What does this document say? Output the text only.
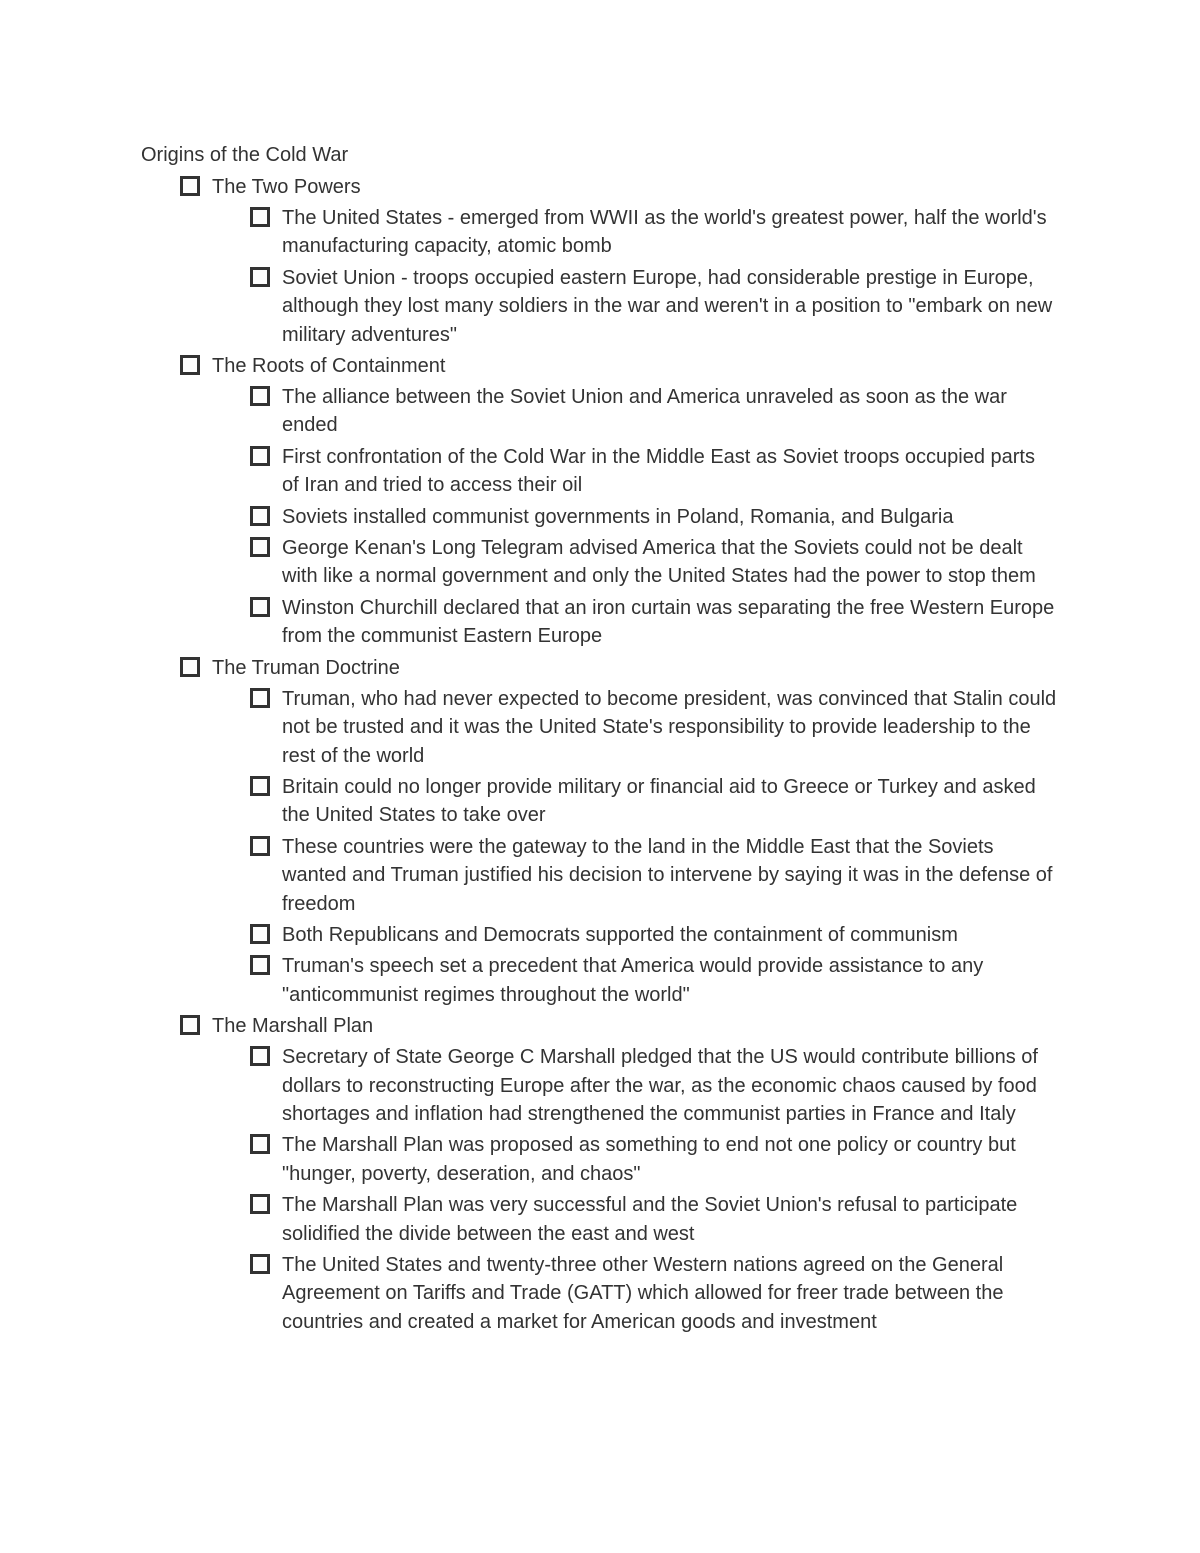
Origins of the Cold War
The Two Powers
The United States - emerged from WWII as the world's greatest power, half the world's manufacturing capacity, atomic bomb
Soviet Union - troops occupied eastern Europe, had considerable prestige in Europe, although they lost many soldiers in the war and weren't in a position to "embark on new military adventures"
The Roots of Containment
The alliance between the Soviet Union and America unraveled as soon as the war ended
First confrontation of the Cold War in the Middle East as Soviet troops occupied parts of Iran and tried to access their oil
Soviets installed communist governments in Poland, Romania, and Bulgaria
George Kenan's Long Telegram advised America that the Soviets could not be dealt with like a normal government and only the United States had the power to stop them
Winston Churchill declared that an iron curtain was separating the free Western Europe from the communist Eastern Europe
The Truman Doctrine
Truman, who had never expected to become president, was convinced that Stalin could not be trusted and it was the United State's responsibility to provide leadership to the rest of the world
Britain could no longer provide military or financial aid to Greece or Turkey and asked the United States to take over
These countries were the gateway to the land in the Middle East that the Soviets wanted and Truman justified his decision to intervene by saying it was in the defense of freedom
Both Republicans and Democrats supported the containment of communism
Truman's speech set a precedent that America would provide assistance to any "anticommunist regimes throughout the world"
The Marshall Plan
Secretary of State George C Marshall pledged that the US would contribute billions of dollars to reconstructing Europe after the war, as the economic chaos caused by food shortages and inflation had strengthened the communist parties in France and Italy
The Marshall Plan was proposed as something to end not one policy or country but "hunger, poverty, deseration, and chaos"
The Marshall Plan was very successful and the Soviet Union's refusal to participate solidified the divide between the east and west
The United States and twenty-three other Western nations agreed on the General Agreement on Tariffs and Trade (GATT) which allowed for freer trade between the countries and created a market for American goods and investment
